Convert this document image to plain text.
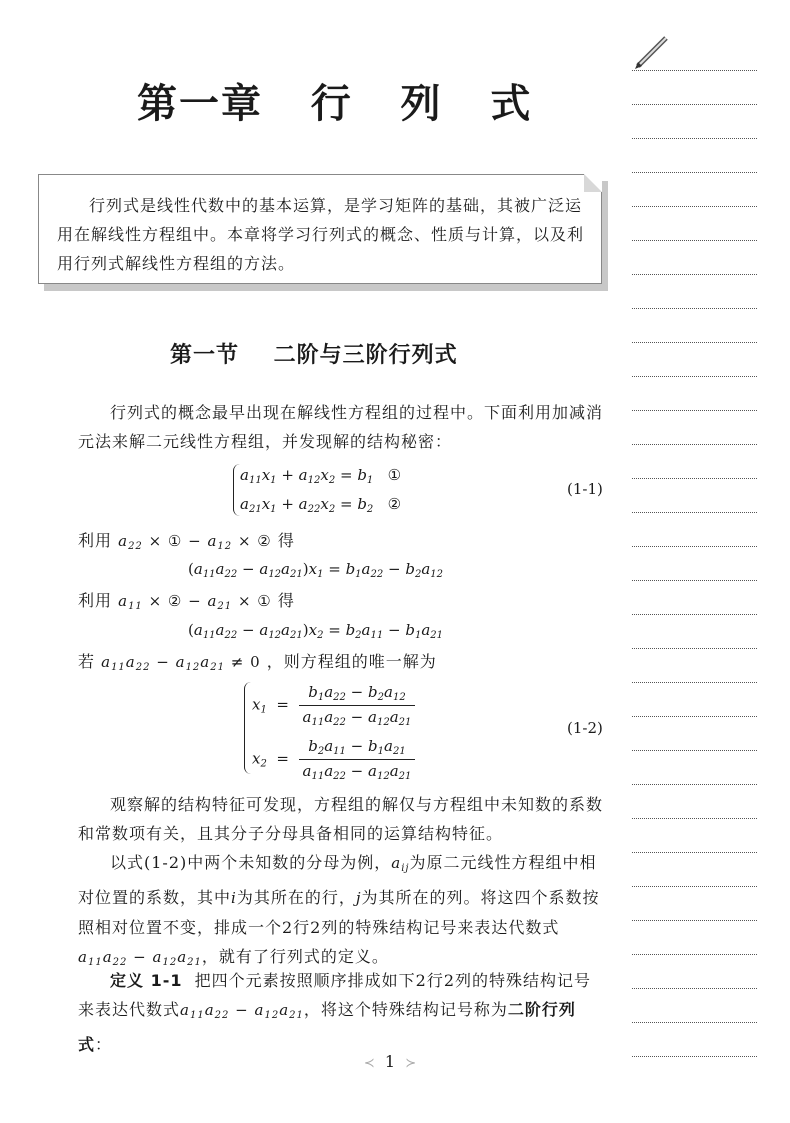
第一章   行   列   式

行列式是线性代数中的基本运算，是学习矩阵的基础，其被广泛运用在解线性方程组中。本章将学习行列式的概念、性质与计算，以及利用行列式解线性方程组的方法。

第一节    二阶与三阶行列式

行列式的概念最早出现在解线性方程组的过程中。下面利用加减消元法来解二元线性方程组，并发现解的结构秘密：

$a_{11}x_1 + a_{12}x_2 = b_1$ ①
$a_{21}x_1 + a_{22}x_2 = b_2$ ②
(1-1)
利用 $a_{22}$ × ① − $a_{12}$ × ② 得
$(a_{11}a_{22} - a_{12}a_{21})x_1 = b_1a_{22} - b_2a_{12}$
利用 $a_{11}$ × ② − $a_{21}$ × ① 得
$(a_{11}a_{22} - a_{12}a_{21})x_2 = b_2a_{11} - b_1a_{21}$
若 $a_{11}a_{22} - a_{12}a_{21} \ne 0$ ，则方程组的唯一解为
$x_1 = \frac{b_1a_{22} - b_2a_{12}}{a_{11}a_{22} - a_{12}a_{21}}$
$x_2 = \frac{b_2a_{11} - b_1a_{21}}{a_{11}a_{22} - a_{12}a_{21}}$
(1-2)

观察解的结构特征可发现，方程组的解仅与方程组中未知数的系数和常数项有关，且其分子分母具备相同的运算结构特征。

以式(1-2)中两个未知数的分母为例，$a_{ij}$为原二元线性方程组中相对位置的系数，其中i为其所在的行，j为其所在的列。将这四个系数按照相对位置不变，排成一个2行2列的特殊结构记号来表达代数式 $a_{11}a_{22} - a_{12}a_{21}$，就有了行列式的定义。

定义 1-1 把四个元素按照顺序排成如下2行2列的特殊结构记号来表达代数式$a_{11}a_{22} - a_{12}a_{21}$，将这个特殊结构记号称为二阶行列式：

≺ 1 ≻
